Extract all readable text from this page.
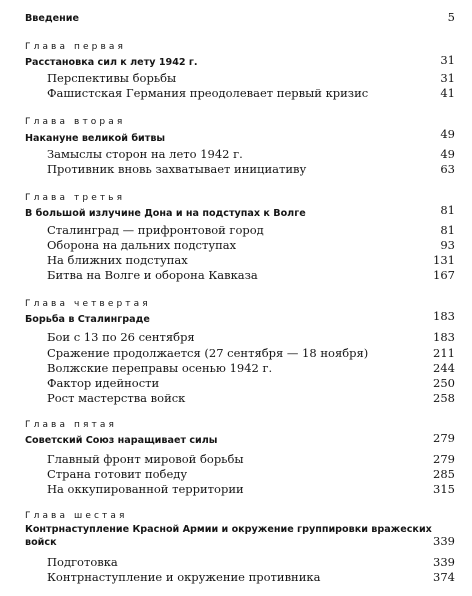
Введение	5
Глава первая
Расстановка сил к лету 1942 г.	31
Перспективы борьбы	31
Фашистская Германия преодолевает первый кризис	41
Глава вторая
Накануне великой битвы	49
Замыслы сторон на лето 1942 г.	49
Противник вновь захватывает инициативу	63
Глава третья
В большой излучине Дона и на подступах к Волге	81
Сталинград — прифронтовой город	81
Оборона на дальних подступах	93
На ближних подступах	131
Битва на Волге и оборона Кавказа	167
Глава четвертая
Борьба в Сталинграде	183
Бои с 13 по 26 сентября	183
Сражение продолжается (27 сентября — 18 ноября)	211
Волжские переправы осенью 1942 г.	244
Фактор идейности	250
Рост мастерства войск	258
Глава пятая
Советский Союз наращивает силы	279
Главный фронт мировой борьбы	279
Страна готовит победу	285
На оккупированной территории	315
Глава шестая
Контрнаступление Красной Армии и окружение группировки вражеских войск	339
Подготовка	339
Контрнаступление и окружение противника	374
